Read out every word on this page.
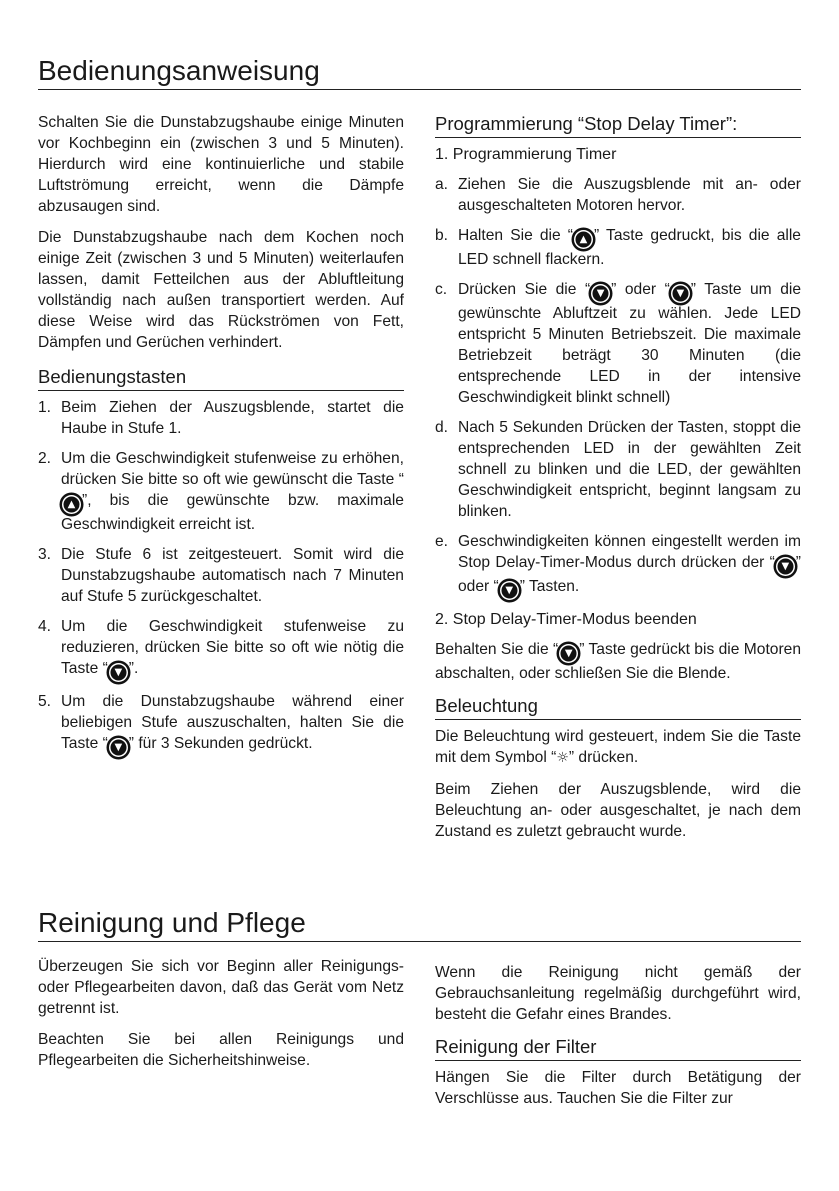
Bedienungsanweisung

Schalten Sie die Dunstabzugshaube einige Minuten vor Kochbeginn ein (zwischen 3 und 5 Minuten). Hierdurch wird eine kontinuierliche und stabile Luftströmung erreicht, wenn die Dämpfe abzusaugen sind.

Die Dunstabzugshaube nach dem Kochen noch einige Zeit (zwischen 3 und 5 Minuten) weiterlaufen lassen, damit Fetteilchen aus der Abluftleitung vollständig nach außen transportiert werden. Auf diese Weise wird das Rückströmen von Fett, Dämpfen und Gerüchen verhindert.

Bedienungstasten
1. Beim Ziehen der Auszugsblende, startet die Haube in Stufe 1.
2. Um die Geschwindigkeit stufenweise zu erhöhen, drücken Sie bitte so oft wie gewünscht die Taste “▲ ”, bis die gewünschte bzw. maximale Geschwindigkeit erreicht ist.
3. Die Stufe 6 ist zeitgesteuert. Somit wird die Dunstabzugshaube automatisch nach 7 Minuten auf Stufe 5 zurückgeschaltet.
4. Um die Geschwindigkeit stufenweise zu reduzieren, drücken Sie bitte so oft wie nötig die Taste “ ▼ ”.
5. Um die Dunstabzugshaube während einer beliebigen Stufe auszuschalten, halten Sie die Taste “ ▼ ” für 3 Sekunden gedrückt.
Programmierung “Stop Delay Timer”:
1. Programmierung Timer
a. Ziehen Sie die Auszugsblende mit an- oder ausgeschalteten Motoren hervor.
b. Halten Sie die “ ▲ ” Taste gedruckt, bis die alle LED schnell flackern.
c. Drücken Sie die “ ▼ ” oder “ ▼ ” Taste um die gewünschte Abluftzeit zu wählen. Jede LED entspricht 5 Minuten Betriebszeit. Die maximale Betriebzeit beträgt 30 Minuten (die entsprechende LED in der intensive Geschwindigkeit blinkt schnell)
d. Nach 5 Sekunden Drücken der Tasten, stoppt die entsprechenden LED in der gewählten Zeit schnell zu blinken und die LED, der gewählten Geschwindigkeit entspricht, beginnt langsam zu blinken.
e. Geschwindigkeiten können eingestellt werden im Stop Delay-Timer-Modus durch drücken der “ ▼ ” oder “ ▼ ” Tasten.
2. Stop Delay-Timer-Modus beenden

Behalten Sie die “ ▼ ” Taste gedrückt bis die Motoren abschalten, oder schließen Sie die Blende.

Beleuchtung

Die Beleuchtung wird gesteuert, indem Sie die Taste mit dem Symbol “☼” drücken.

Beim Ziehen der Auszugsblende, wird die Beleuchtung an- oder ausgeschaltet, je nach dem Zustand es zuletzt gebraucht wurde.

Reinigung und Pflege

Überzeugen Sie sich vor Beginn aller Reinigungs- oder Pflegearbeiten davon, daß das Gerät vom Netz getrennt ist.

Beachten Sie bei allen Reinigungs und Pflegearbeiten die Sicherheitshinweise.

Wenn die Reinigung nicht gemäß der Gebrauchsanleitung regelmäßig durchgeführt wird, besteht die Gefahr eines Brandes.

Reinigung der Filter

Hängen Sie die Filter durch Betätigung der Verschlüsse aus. Tauchen Sie die Filter zur
